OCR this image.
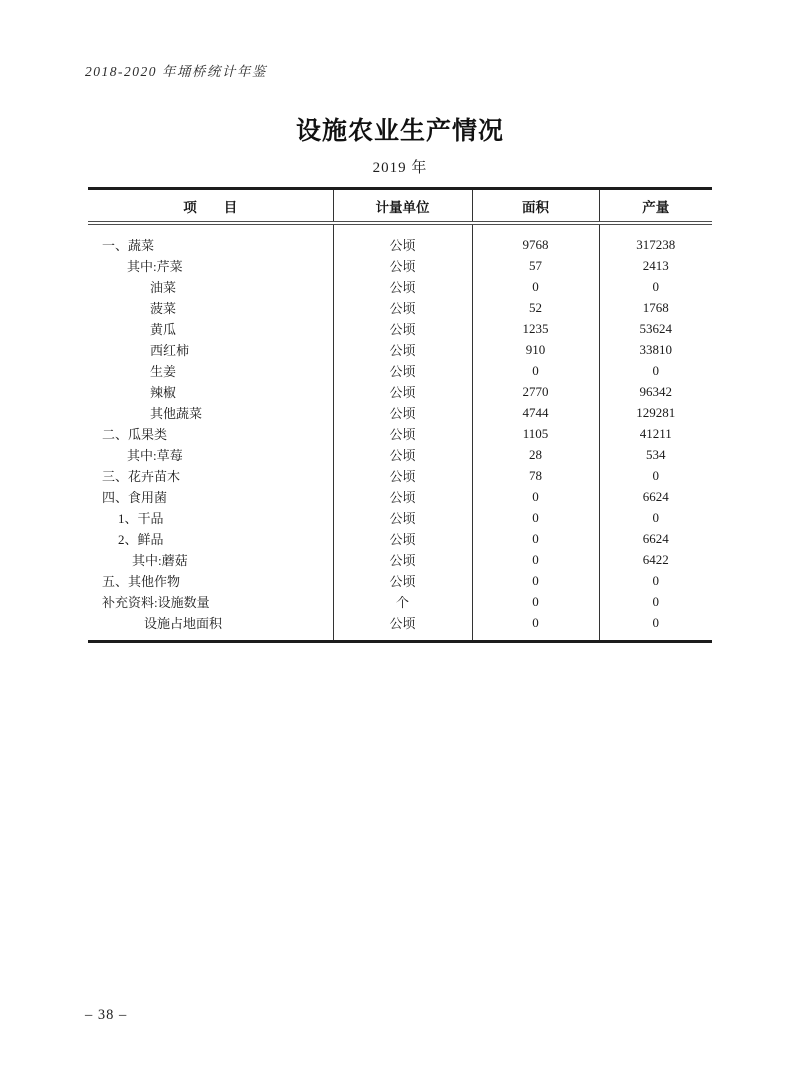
2018-2020 年埇桥统计年鉴
设施农业生产情况
2019 年
项　　目	计量单位	面积	产量
一、蔬菜	公顷	9768	317238
其中:芹菜	公顷	57	2413
油菜	公顷	0	0
菠菜	公顷	52	1768
黄瓜	公顷	1235	53624
西红柿	公顷	910	33810
生姜	公顷	0	0
辣椒	公顷	2770	96342
其他蔬菜	公顷	4744	129281
二、瓜果类	公顷	1105	41211
其中:草莓	公顷	28	534
三、花卉苗木	公顷	78	0
四、食用菌	公顷	0	6624
1、干品	公顷	0	0
2、鲜品	公顷	0	6624
其中:蘑菇	公顷	0	6422
五、其他作物	公顷	0	0
补充资料:设施数量	个	0	0
设施占地面积	公顷	0	0
– 38 –
